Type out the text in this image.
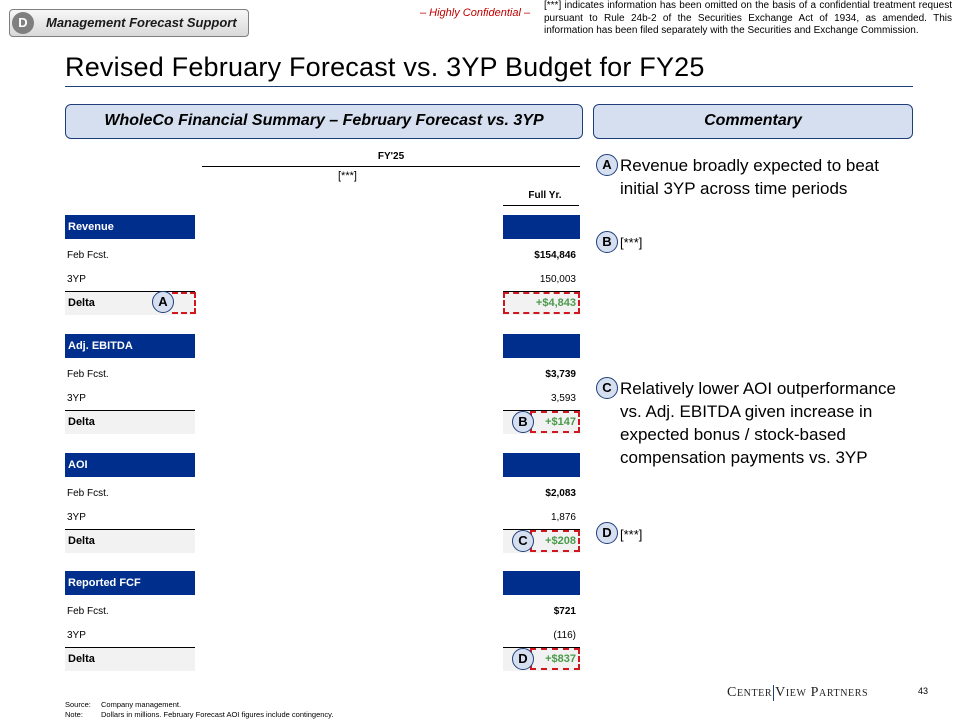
D	Management Forecast Support
– Highly Confidential –
[***] indicates information has been omitted on the basis of a confidential treatment request pursuant to Rule 24b-2 of the Securities Exchange Act of 1934, as amended. This information has been filed separately with the Securities and Exchange Commission.
Revised February Forecast vs. 3YP Budget for FY25
WholeCo Financial Summary – February Forecast vs. 3YP	Commentary
FY'25
[***]
Full Yr.
Revenue
Feb Fcst.	$154,846
3YP	150,003
Delta	+$4,843
A
Adj. EBITDA
Feb Fcst.	$3,739
3YP	3,593
Delta	+$147
B
AOI
Feb Fcst.	$2,083
3YP	1,876
Delta	+$208
C
Reported FCF
Feb Fcst.	$721
3YP	(116)
Delta	+$837
D
A Revenue broadly expected to beat initial 3YP across time periods
B [***]
C Relatively lower AOI outperformance vs. Adj. EBITDA given increase in expected bonus / stock-based compensation payments vs. 3YP
D [***]
Source: Company management.
Note: Dollars in millions. February Forecast AOI figures include contingency.
Center View Partners	43
